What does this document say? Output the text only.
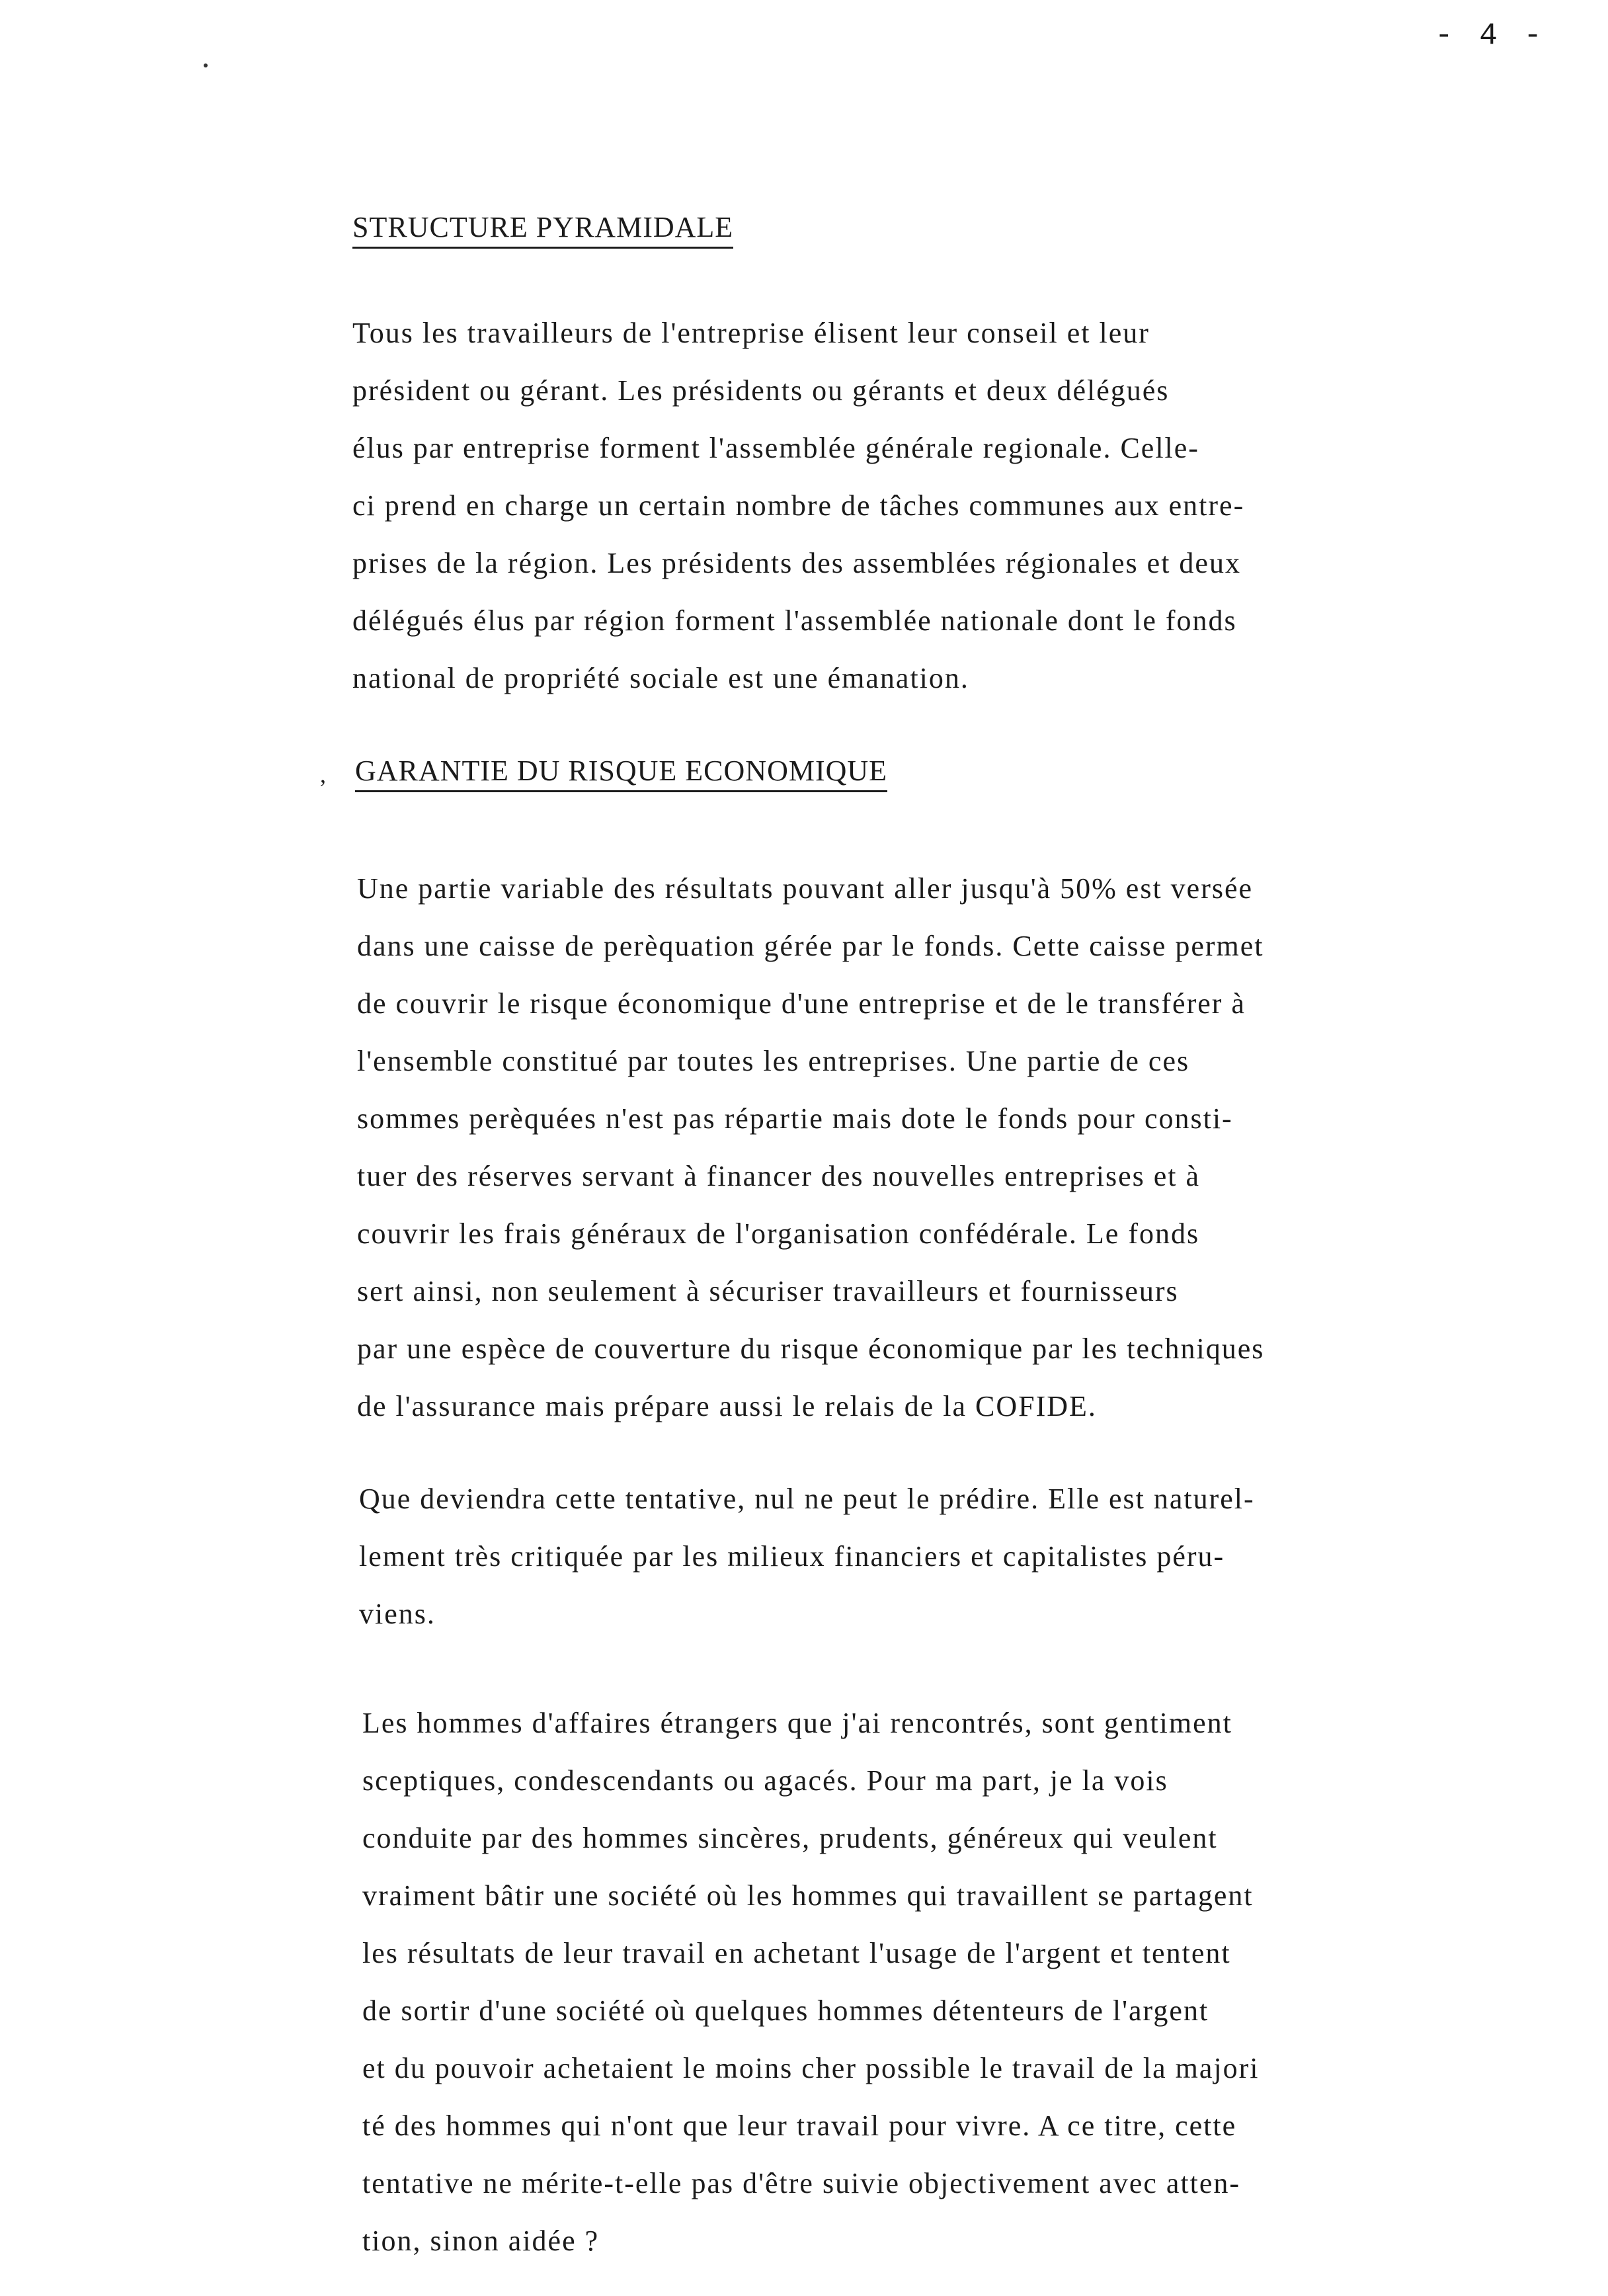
- 4 -
STRUCTURE PYRAMIDALE
Tous les travailleurs de l'entreprise élisent leur conseil et leur
président ou gérant. Les présidents ou gérants et deux délégués
élus par entreprise forment l'assemblée générale regionale. Celle-
ci prend en charge un certain nombre de tâches communes aux entre-
prises de la région. Les présidents des assemblées régionales et deux
délégués élus par région forment l'assemblée nationale dont le fonds
national de propriété sociale est une émanation.
, GARANTIE DU RISQUE ECONOMIQUE
Une partie variable des résultats pouvant aller jusqu'à 50% est versée
dans une caisse de perèquation gérée par le fonds. Cette caisse permet
de couvrir le risque économique d'une entreprise et de le transférer à
l'ensemble constitué par toutes les entreprises. Une partie de ces
sommes perèquées n'est pas répartie mais dote le fonds pour consti-
tuer des réserves servant à financer des nouvelles entreprises et à
couvrir les frais généraux de l'organisation confédérale. Le fonds
sert ainsi, non seulement à sécuriser travailleurs et fournisseurs
par une espèce de couverture du risque économique par les techniques
de l'assurance mais prépare aussi le relais de la COFIDE.
Que deviendra cette tentative, nul ne peut le prédire. Elle est naturel-
lement très critiquée par les milieux financiers et capitalistes péru-
viens.
Les hommes d'affaires étrangers que j'ai rencontrés, sont gentiment
sceptiques, condescendants ou agacés. Pour ma part, je la vois
conduite par des hommes sincères, prudents, généreux qui veulent
vraiment bâtir une société où les hommes qui travaillent se partagent
les résultats de leur travail en achetant l'usage de l'argent et tentent
de sortir d'une société où quelques hommes détenteurs de l'argent
et du pouvoir achetaient le moins cher possible le travail de la majori
té des hommes qui n'ont que leur travail pour vivre. A ce titre, cette
tentative ne mérite-t-elle pas d'être suivie objectivement avec atten-
tion, sinon aidée ?
